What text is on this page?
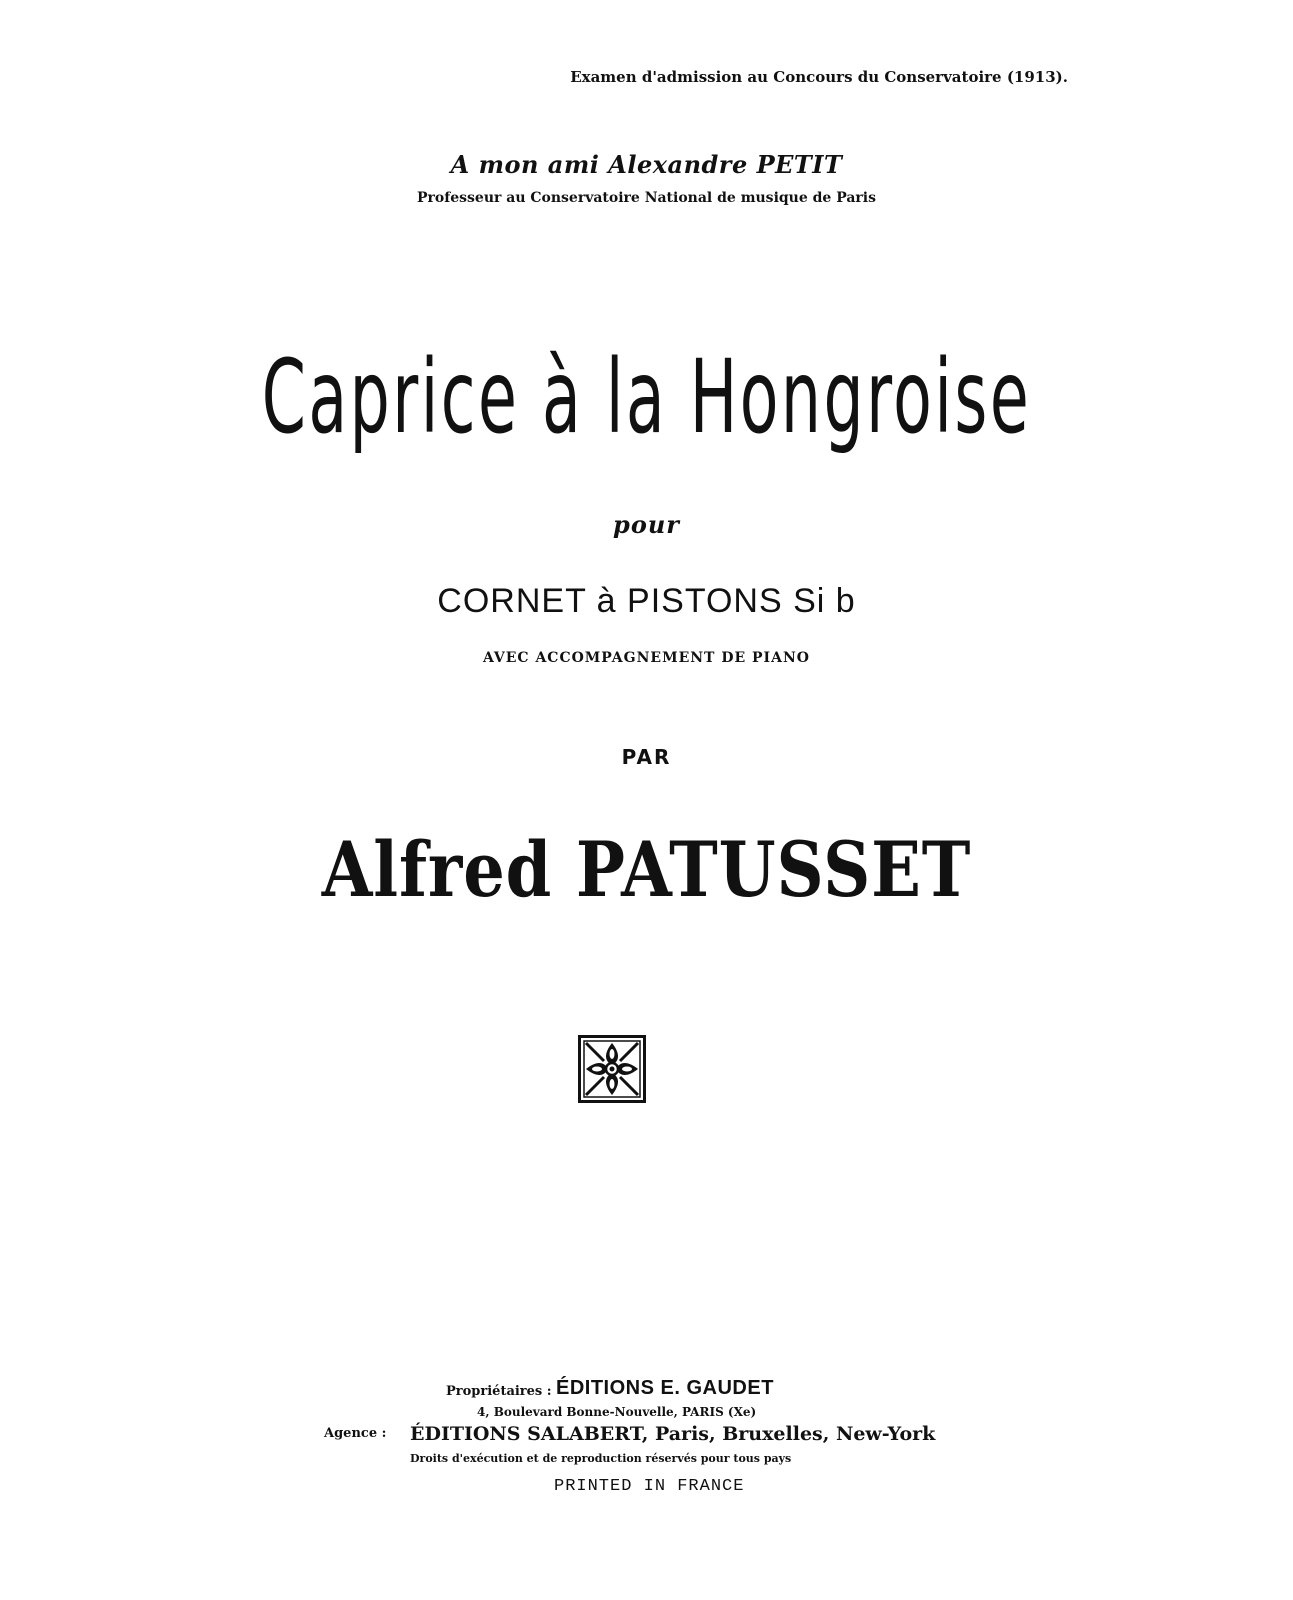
Examen d'admission au Concours du Conservatoire (1913).
A mon ami Alexandre PETIT
Professeur au Conservatoire National de musique de Paris
Caprice à la Hongroise
pour
CORNET à PISTONS Si b
AVEC ACCOMPAGNEMENT DE PIANO
PAR
Alfred PATUSSET
Propriétaires : ÉDITIONS E. GAUDET
4, Boulevard Bonne-Nouvelle, PARIS (Xe)
Agence : ÉDITIONS SALABERT, Paris, Bruxelles, New-York
Droits d'exécution et de reproduction réservés pour tous pays
PRINTED IN FRANCE
